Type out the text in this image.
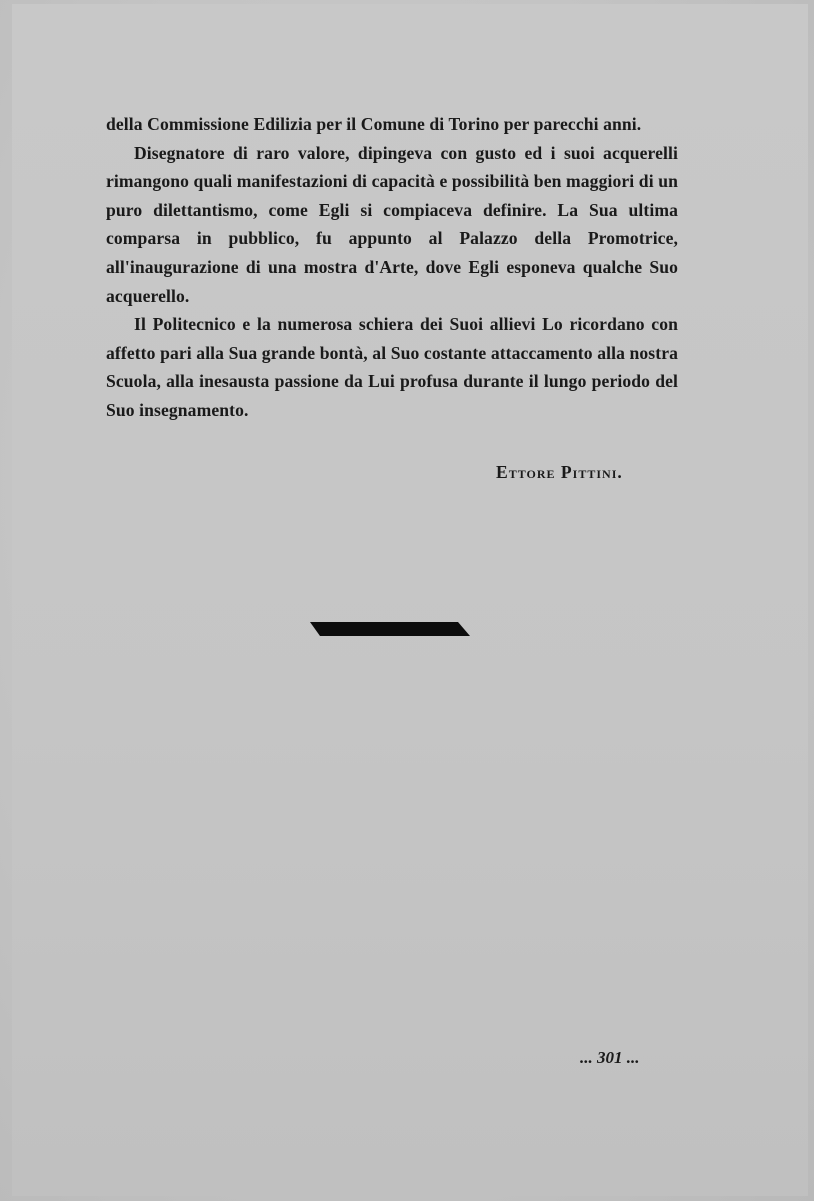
della Commissione Edilizia per il Comune di Torino per parecchi anni.

Disegnatore di raro valore, dipingeva con gusto ed i suoi acquerelli rimangono quali manifestazioni di capacità e possibilità ben maggiori di un puro dilettantismo, come Egli si compiaceva definire. La Sua ultima comparsa in pubblico, fu appunto al Palazzo della Promotrice, all'inaugurazione di una mostra d'Arte, dove Egli esponeva qualche Suo acquerello.

Il Politecnico e la numerosa schiera dei Suoi allievi Lo ricordano con affetto pari alla Sua grande bontà, al Suo costante attaccamento alla nostra Scuola, alla inesausta passione da Lui profusa durante il lungo periodo del Suo insegnamento.

Ettore Pittini.
... 301 ...
